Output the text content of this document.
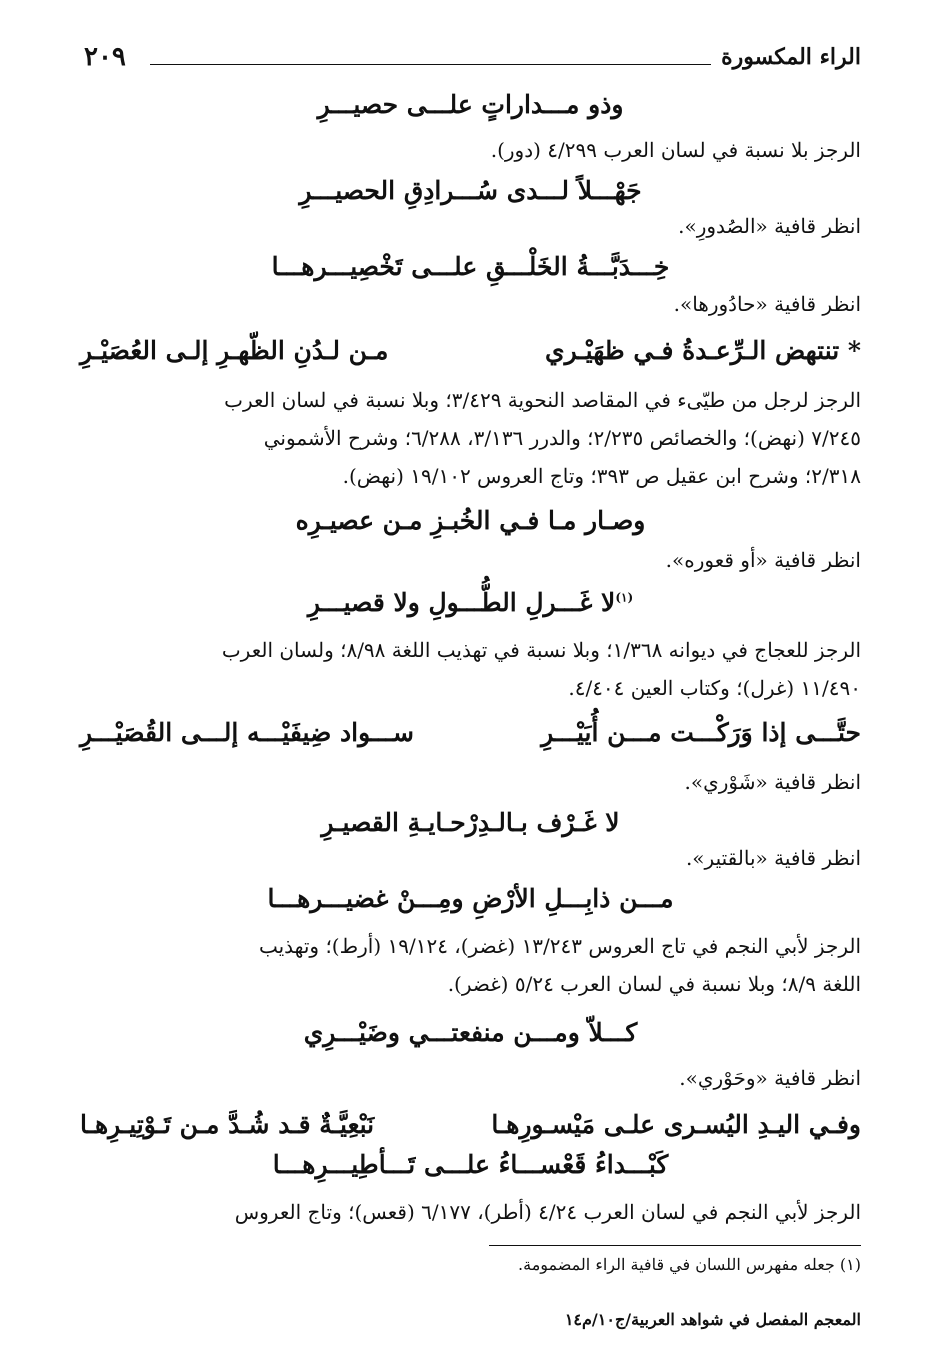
٢٠٩	الراء المكسورة
وذو مـــداراتٍ علـــى حصيـــرِ
الرجز بلا نسبة في لسان العرب ٤/٢٩٩ (دور).
جَهْـــلاً لـــدى سُـــرادِقِ الحصيـــرِ
انظر قافية «الصُدورِ».
خِـــدَبَّـــةُ الخَلْـــقِ علـــى تَخْصِيـــرهـــا
انظر قافية «حادُورها».
* تنتهض الـرِّعـدةُ فـي ظهَيْـري
مـن لـدُنِ الظّهـرِ إلـى العُصَيْـرِ
الرجز لرجل من طيّىء في المقاصد النحوية ٣/٤٢٩؛ وبلا نسبة في لسان العرب
٧/٢٤٥ (نهض)؛ والخصائص ٢/٢٣٥؛ والدرر ٣/١٣٦، ٦/٢٨٨؛ وشرح الأشموني
٢/٣١٨؛ وشرح ابن عقيل ص ٣٩٣؛ وتاج العروس ١٩/١٠٢ (نهض).
وصـار مـا فـي الخُبـزِ مـن عصيـرِه
انظر قافية «أو قعوره».
$^{(١)}$لا غَـــرلِ الطُّـــولِ ولا قصيـــرِ
الرجز للعجاج في ديوانه ١/٣٦٨؛ وبلا نسبة في تهذيب اللغة ٨/٩٨؛ ولسان العرب
١١/٤٩٠ (غرل)؛ وكتاب العين ٤/٤٠٤.
حتَّـــى إذا وَرَكْـــت مـــن أُيَيْـــرِ
ســـواد ضِيفَيْـــه إلـــى القُصَيْـــرِ
انظر قافية «شَوْري».
لا غَـرْف بـالـدِرْحـايـةِ القصيـرِ
انظر قافية «بالقتير».
مـــن ذابِـــلِ الأرْضِ ومِـــنْ غضيـــرهـــا
الرجز لأبي النجم في تاج العروس ١٣/٢٤٣ (غضر)، ١٩/١٢٤ (أرط)؛ وتهذيب
اللغة ٨/٩؛ وبلا نسبة في لسان العرب ٥/٢٤ (غضر).
كـــلاّ ومـــن منفعتـــي وضَيْـــرِي
انظر قافية «وحَوْري».
وفـي اليـدِ اليُسـرى علـى مَيْسـورِهـا
نَبْعِيَّـةٌ قـد شُـدَّ مـن تَـوْتِيـرِهـا
كَبْـــداءُ قَعْســـاءُ علـــى تَـــأطِيـــرِهـــا
الرجز لأبي النجم في لسان العرب ٤/٢٤ (أطر)، ٦/١٧٧ (قعس)؛ وتاج العروس
(١) جعله مفهرس اللسان في قافية الراء المضمومة.
المعجم المفصل في شواهد العربية/ج١٠/م١٤
